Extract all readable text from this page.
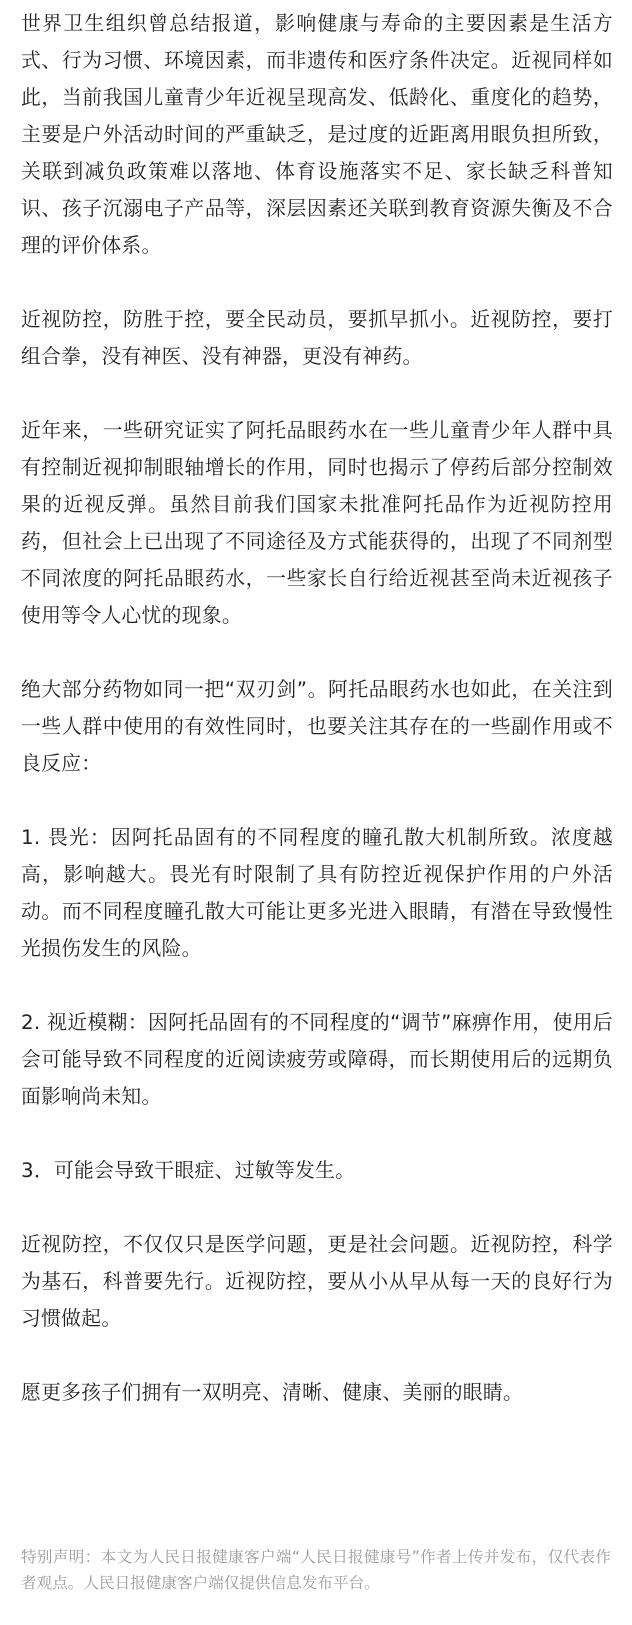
世界卫生组织曾总结报道，影响健康与寿命的主要因素是生活方式、行为习惯、环境因素，而非遗传和医疗条件决定。近视同样如此，当前我国儿童青少年近视呈现高发、低龄化、重度化的趋势，主要是户外活动时间的严重缺乏，是过度的近距离用眼负担所致，关联到减负政策难以落地、体育设施落实不足、家长缺乏科普知识、孩子沉溺电子产品等，深层因素还关联到教育资源失衡及不合理的评价体系。

近视防控，防胜于控，要全民动员，要抓早抓小。近视防控，要打组合拳，没有神医、没有神器，更没有神药。

近年来，一些研究证实了阿托品眼药水在一些儿童青少年人群中具有控制近视抑制眼轴增长的作用，同时也揭示了停药后部分控制效果的近视反弹。虽然目前我们国家未批准阿托品作为近视防控用药，但社会上已出现了不同途径及方式能获得的，出现了不同剂型不同浓度的阿托品眼药水，一些家长自行给近视甚至尚未近视孩子使用等令人心忧的现象。

绝大部分药物如同一把“双刃剑”。阿托品眼药水也如此，在关注到一些人群中使用的有效性同时，也要关注其存在的一些副作用或不良反应：

1. 畏光：因阿托品固有的不同程度的瞳孔散大机制所致。浓度越高，影响越大。畏光有时限制了具有防控近视保护作用的户外活动。而不同程度瞳孔散大可能让更多光进入眼睛，有潜在导致慢性光损伤发生的风险。

2. 视近模糊：因阿托品固有的不同程度的“调节”麻痹作用，使用后会可能导致不同程度的近阅读疲劳或障碍，而长期使用后的远期负面影响尚未知。

3．可能会导致干眼症、过敏等发生。

近视防控，不仅仅只是医学问题，更是社会问题。近视防控，科学为基石，科普要先行。近视防控，要从小从早从每一天的良好行为习惯做起。

愿更多孩子们拥有一双明亮、清晰、健康、美丽的眼睛。

特别声明：本文为人民日报健康客户端“人民日报健康号”作者上传并发布，仅代表作者观点。人民日报健康客户端仅提供信息发布平台。
